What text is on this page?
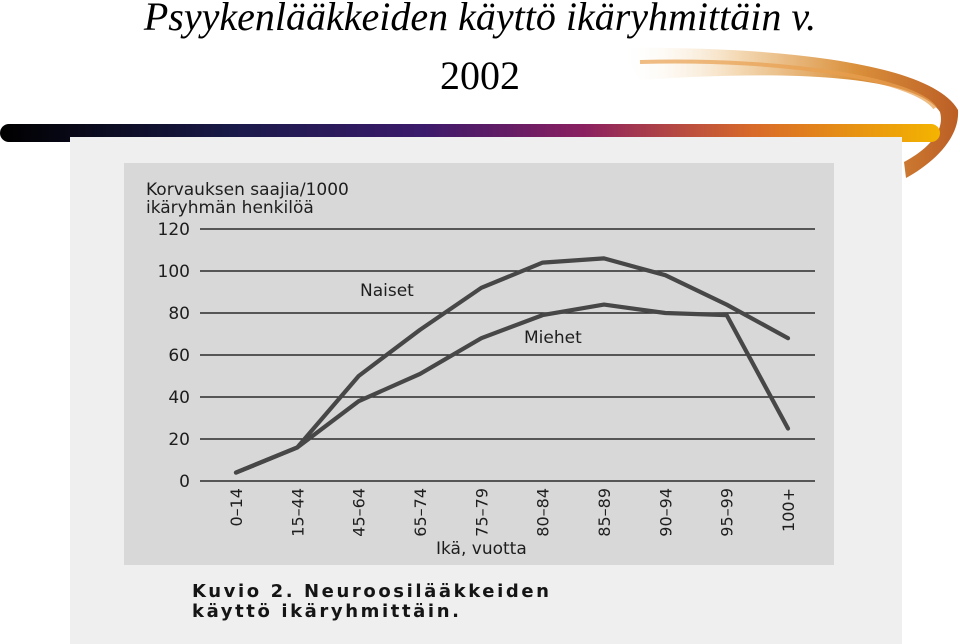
Psyykenlääkkeiden käyttö ikäryhmittäin v.
2002
Korvauksen saajia/1000
ikäryhmän henkilöä
Ikä, vuotta
0
20
40
60
80
100
120
0–14	15–44	45–64	65–74	75–79	80–84	85–89	90–94	95–99	100+
Naiset
Miehet
Kuvio 2. Neuroosilääkkeiden
käyttö ikäryhmittäin.
